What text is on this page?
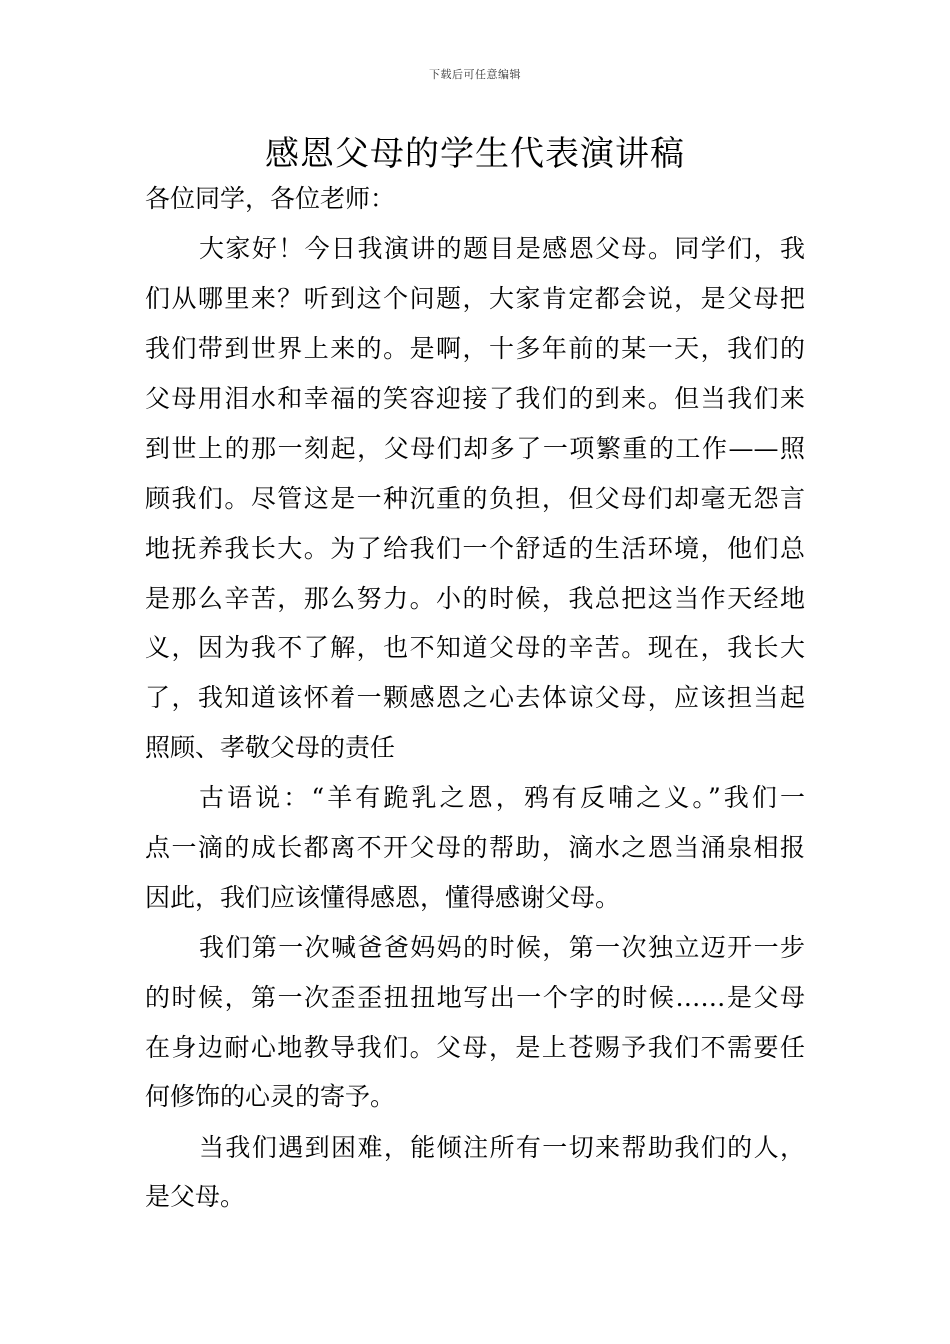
下载后可任意编辑
感恩父母的学生代表演讲稿

各位同学，各位老师：

大家好！今日我演讲的题目是感恩父母。同学们，我
们从哪里来？听到这个问题，大家肯定都会说，是父母把
我们带到世界上来的。是啊，十多年前的某一天，我们的
父母用泪水和幸福的笑容迎接了我们的到来。但当我们来
到世上的那一刻起，父母们却多了一项繁重的工作——照
顾我们。尽管这是一种沉重的负担，但父母们却毫无怨言
地抚养我长大。为了给我们一个舒适的生活环境，他们总
是那么辛苦，那么努力。小的时候，我总把这当作天经地
义，因为我不了解，也不知道父母的辛苦。现在，我长大
了，我知道该怀着一颗感恩之心去体谅父母，应该担当起
照顾、孝敬父母的责任
古语说：“羊有跪乳之恩，鸦有反哺之义。”我们一
点一滴的成长都离不开父母的帮助，滴水之恩当涌泉相报
因此，我们应该懂得感恩，懂得感谢父母。
我们第一次喊爸爸妈妈的时候，第一次独立迈开一步
的时候，第一次歪歪扭扭地写出一个字的时候……是父母
在身边耐心地教导我们。父母，是上苍赐予我们不需要任
何修饰的心灵的寄予。
当我们遇到困难，能倾注所有一切来帮助我们的人，
是父母。
